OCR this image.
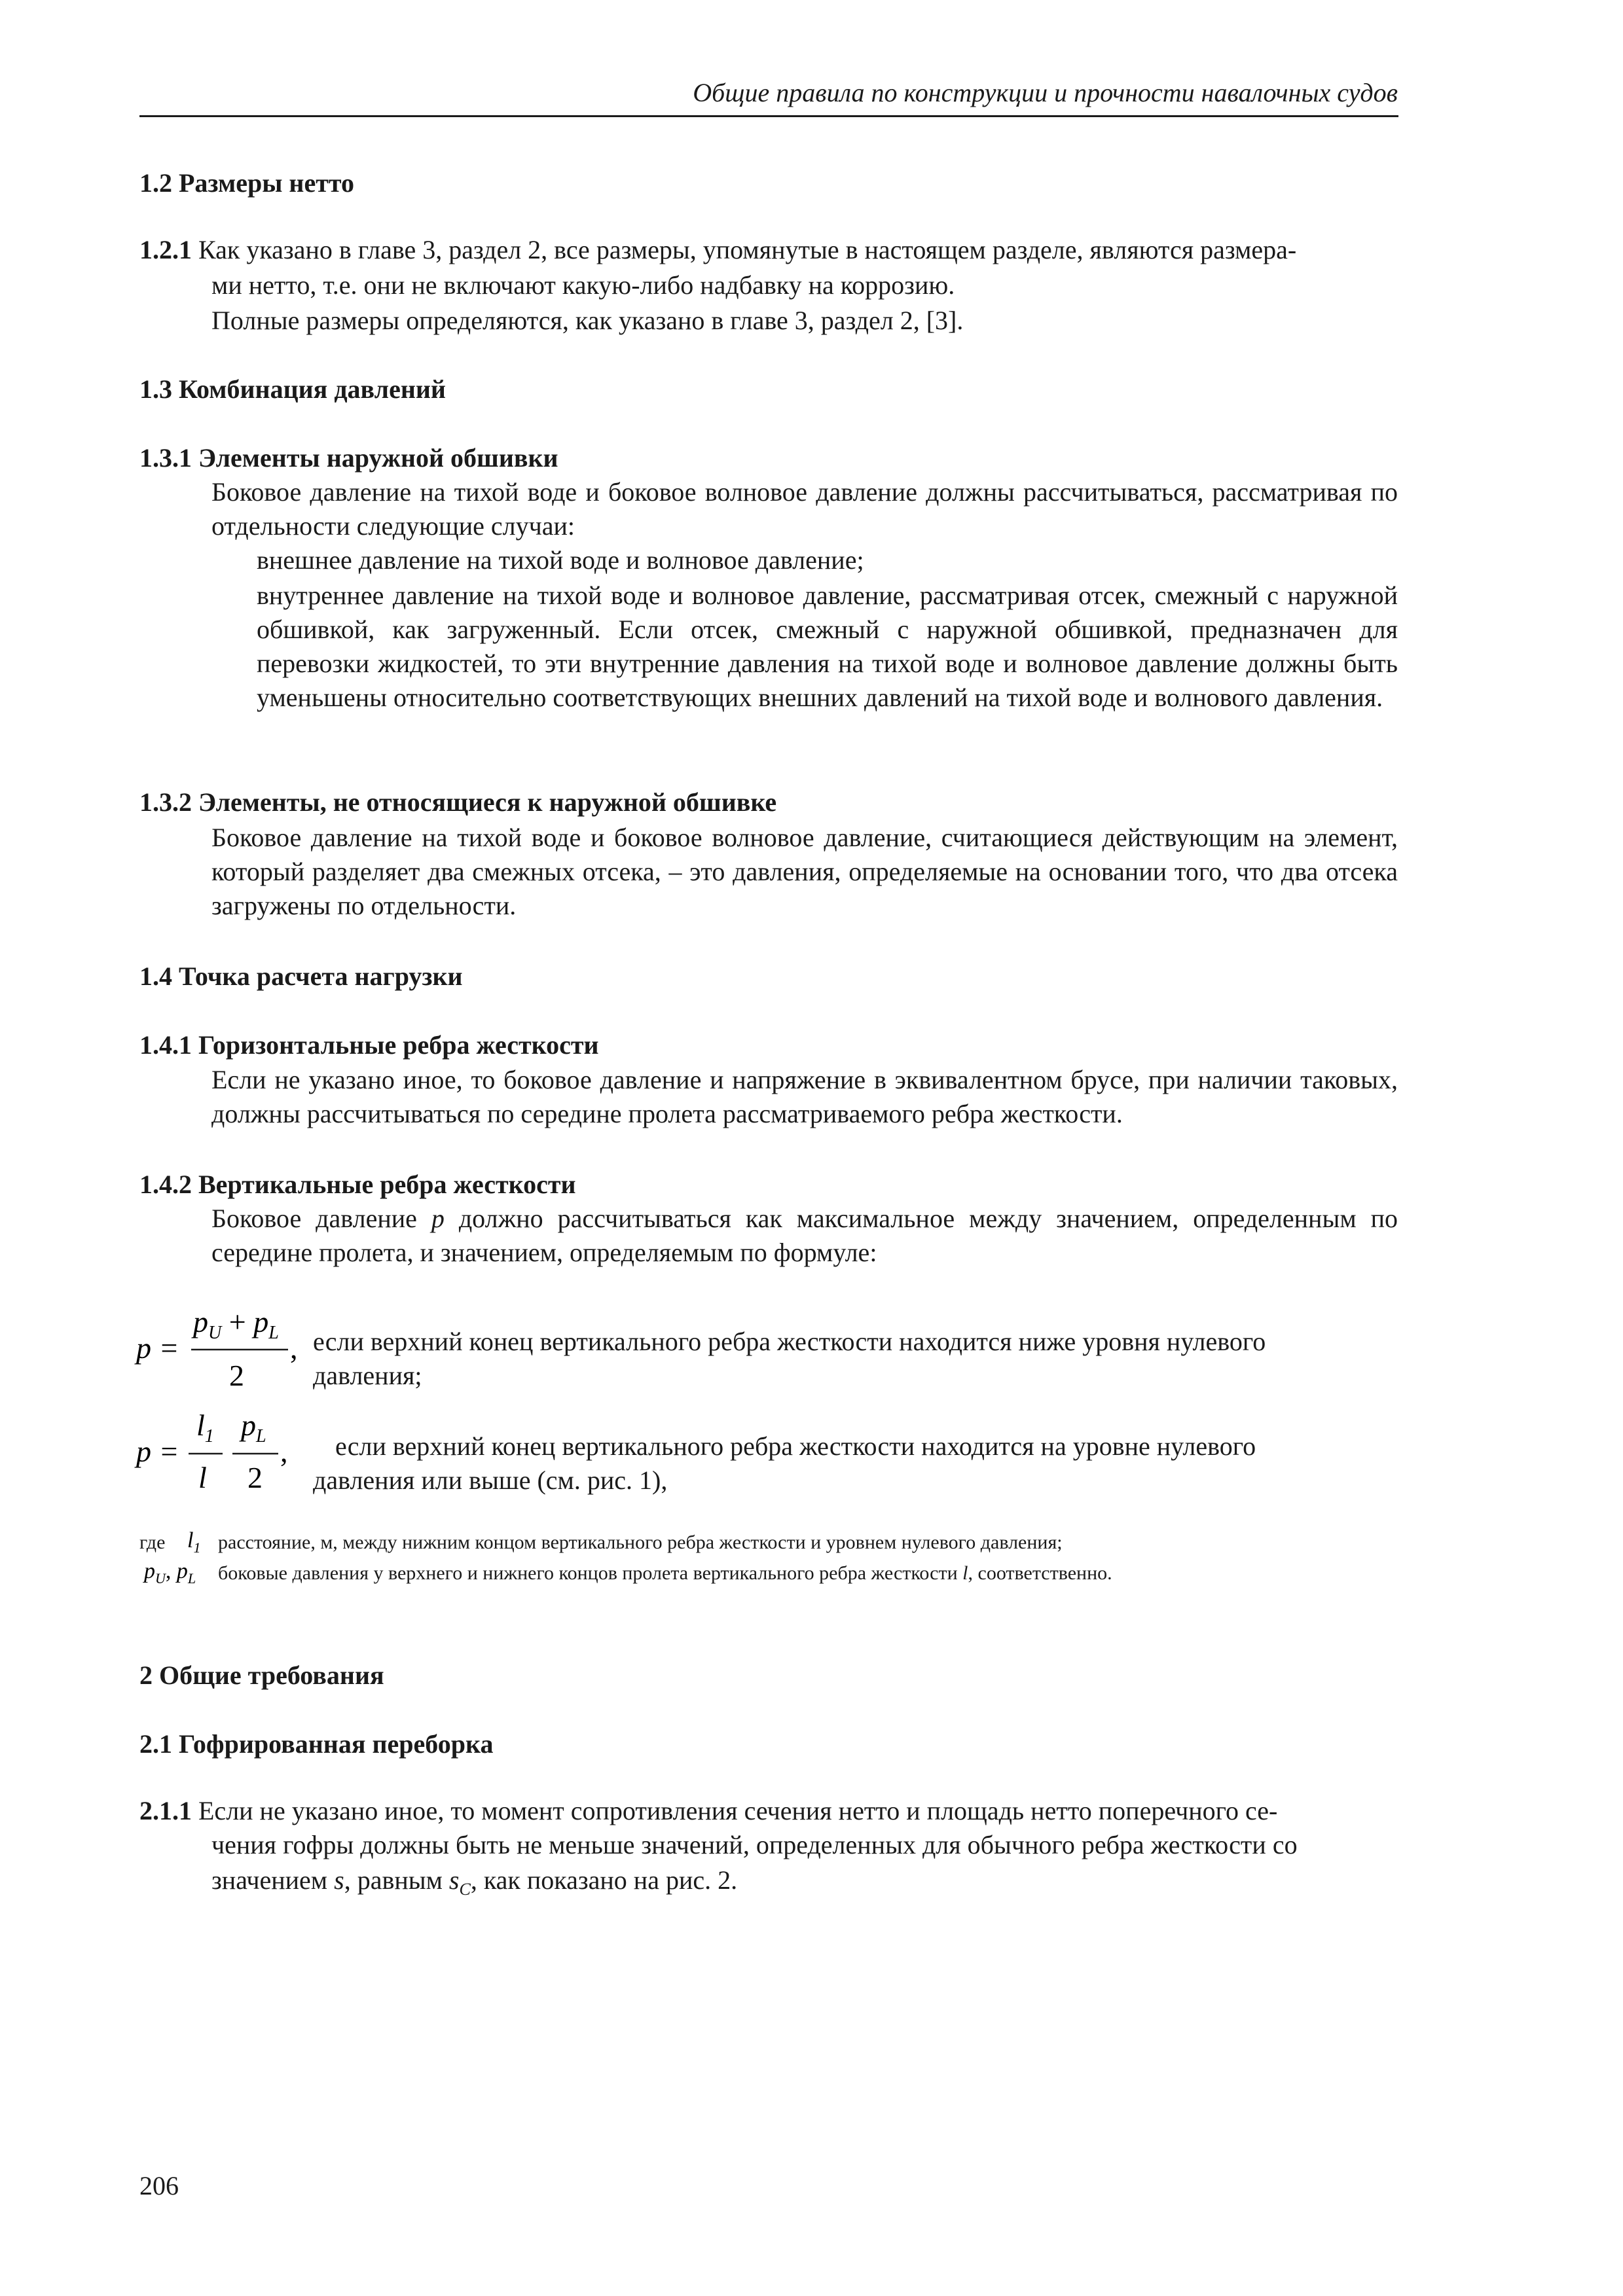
Общие правила по конструкции и прочности навалочных судов
1.2 Размеры нетто
1.2.1 Как указано в главе 3, раздел 2, все размеры, упомянутые в настоящем разделе, являются размера-
ми нетто, т.е. они не включают какую-либо надбавку на коррозию.
Полные размеры определяются, как указано в главе 3, раздел 2, [3].
1.3 Комбинация давлений
1.3.1 Элементы наружной обшивки
Боковое давление на тихой воде и боковое волновое давление должны рассчитываться, рассматривая по отдельности следующие случаи:
внешнее давление на тихой воде и волновое давление;
внутреннее давление на тихой воде и волновое давление, рассматривая отсек, смежный с наружной обшивкой, как загруженный. Если отсек, смежный с наружной обшивкой, предназначен для перевозки жидкостей, то эти внутренние давления на тихой воде и волновое давление должны быть уменьшены относительно соответствующих внешних давлений на тихой воде и волнового давления.
1.3.2 Элементы, не относящиеся к наружной обшивке
Боковое давление на тихой воде и боковое волновое давление, считающиеся действующим на элемент, который разделяет два смежных отсека, – это давления, определяемые на основании того, что два отсека загружены по отдельности.
1.4 Точка расчета нагрузки
1.4.1 Горизонтальные ребра жесткости
Если не указано иное, то боковое давление и напряжение в эквивалентном брусе, при наличии таковых, должны рассчитываться по середине пролета рассматриваемого ребра жесткости.
1.4.2 Вертикальные ребра жесткости
Боковое давление p должно рассчитываться как максимальное между значением, определенным по середине пролета, и значением, определяемым по формуле:
p =
$p_U + p_L$
2
, если верхний конец вертикального ребра жесткости находится ниже уровня нулевого
давления;
p =
$l_1$
l
$p_L$
2
, если верхний конец вертикального ребра жесткости находится на уровне нулевого
давления или выше (см. рис. 1),
где $l_1$ расстояние, м, между нижним концом вертикального ребра жесткости и уровнем нулевого давления;
$p_U$, $p_L$ боковые давления у верхнего и нижнего концов пролета вертикального ребра жесткости l, соответственно.
2 Общие требования
2.1 Гофрированная переборка
2.1.1 Если не указано иное, то момент сопротивления сечения нетто и площадь нетто поперечного се-
чения гофры должны быть не меньше значений, определенных для обычного ребра жесткости со
значением s, равным $s_C$, как показано на рис. 2.
206
